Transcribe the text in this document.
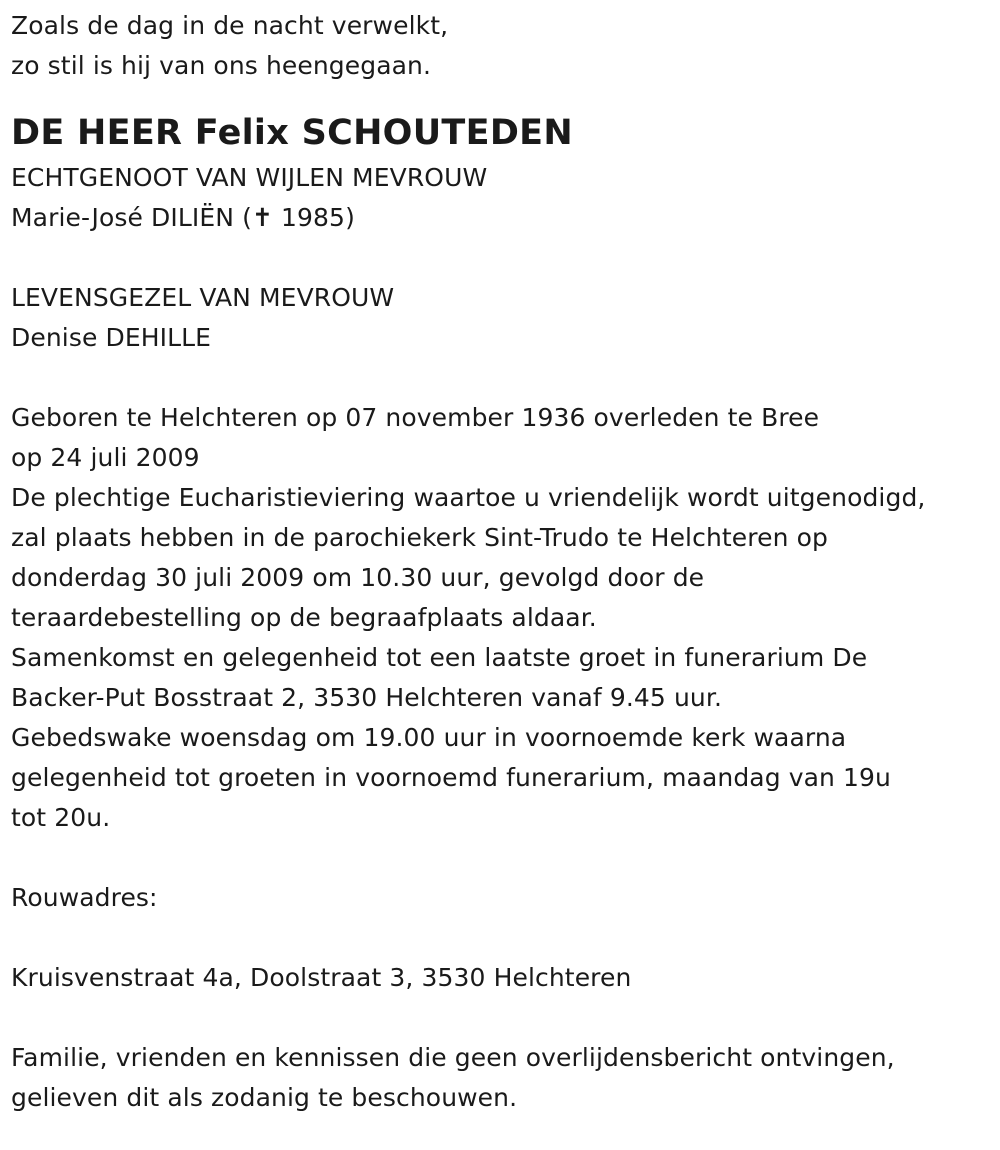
Zoals de dag in de nacht verwelkt,
zo stil is hij van ons heengegaan.
DE HEER Felix SCHOUTEDEN
ECHTGENOOT VAN WIJLEN MEVROUW
Marie-José DILIËN (✝ 1985)
LEVENSGEZEL VAN MEVROUW
Denise DEHILLE
Geboren te Helchteren op 07 november 1936 overleden te Bree
op 24 juli 2009
De plechtige Eucharistieviering waartoe u vriendelijk wordt uitgenodigd,
zal plaats hebben in de parochiekerk Sint-Trudo te Helchteren op
donderdag 30 juli 2009 om 10.30 uur, gevolgd door de
teraardebestelling op de begraafplaats aldaar.
Samenkomst en gelegenheid tot een laatste groet in funerarium De
Backer-Put Bosstraat 2, 3530 Helchteren vanaf 9.45 uur.
Gebedswake woensdag om 19.00 uur in voornoemde kerk waarna
gelegenheid tot groeten in voornoemd funerarium, maandag van 19u
tot 20u.
Rouwadres:
Kruisvenstraat 4a, Doolstraat 3, 3530 Helchteren
Familie, vrienden en kennissen die geen overlijdensbericht ontvingen,
gelieven dit als zodanig te beschouwen.
